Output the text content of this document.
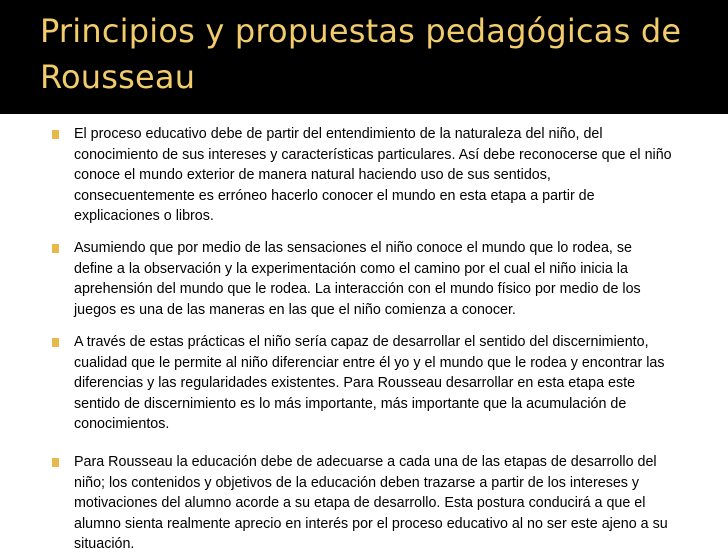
Principios y propuestas pedagógicas de Rousseau
El proceso educativo debe de partir del entendimiento de la naturaleza del niño, del conocimiento de sus intereses y características particulares. Así debe reconocerse que el niño conoce el mundo exterior de manera natural haciendo uso de sus sentidos, consecuentemente es erróneo hacerlo conocer el mundo en esta etapa a partir de explicaciones o libros.
Asumiendo que por medio de las sensaciones el niño conoce el mundo que lo rodea, se define a la observación y la experimentación como el camino por el cual el niño inicia la aprehensión del mundo que le rodea. La interacción con el mundo físico por medio de los juegos es una de las maneras en las que el niño comienza a conocer.
A través de estas prácticas el niño sería capaz de desarrollar el sentido del discernimiento, cualidad que le permite al niño diferenciar entre él yo y el mundo que le rodea y encontrar las diferencias y las regularidades existentes. Para Rousseau desarrollar en esta etapa este sentido de discernimiento es lo más importante, más importante que la acumulación de conocimientos.
Para Rousseau la educación debe de adecuarse a cada una de las etapas de desarrollo del niño; los contenidos y objetivos de la educación deben trazarse a partir de los intereses y motivaciones del alumno acorde a su etapa de desarrollo. Esta postura conducirá a que el alumno sienta realmente aprecio en interés por el proceso educativo al no ser este ajeno a su situación.
